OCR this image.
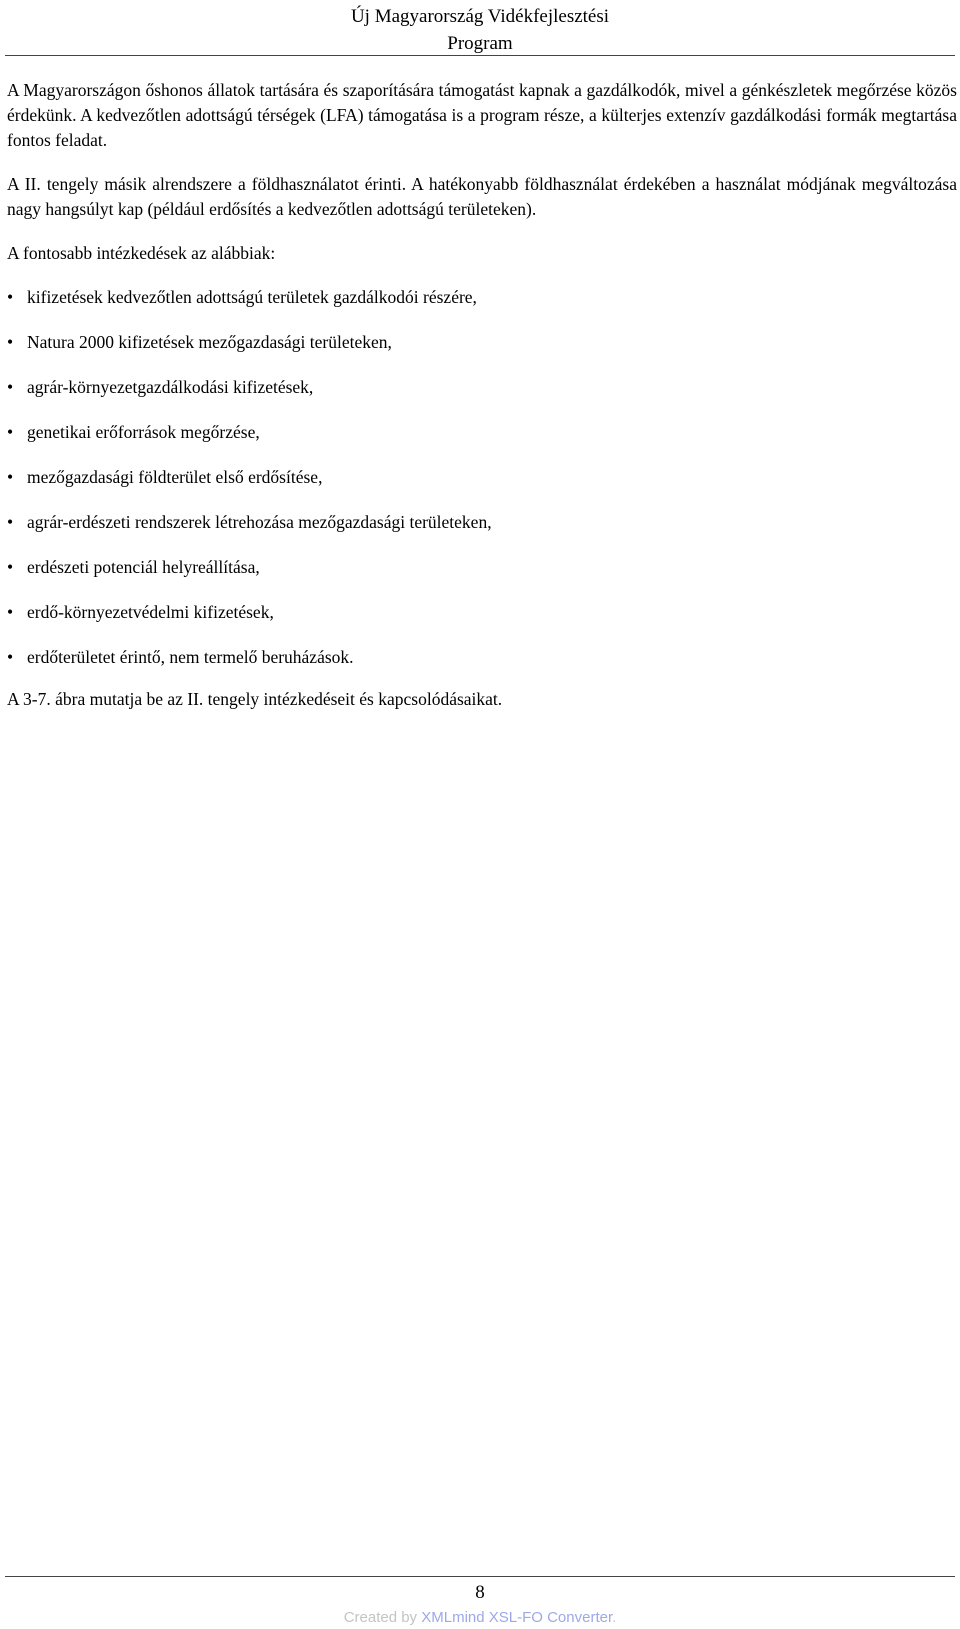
Új Magyarország Vidékfejlesztési
Program

A Magyarországon őshonos állatok tartására és szaporítására támogatást kapnak a gazdálkodók, mivel a génkészletek megőrzése közös érdekünk. A kedvezőtlen adottságú térségek (LFA) támogatása is a program része, a külterjes extenzív gazdálkodási formák megtartása fontos feladat.

A II. tengely másik alrendszere a földhasználatot érinti. A hatékonyabb földhasználat érdekében a használat módjának megváltozása nagy hangsúlyt kap (például erdősítés a kedvezőtlen adottságú területeken).

A fontosabb intézkedések az alábbiak:

• kifizetések kedvezőtlen adottságú területek gazdálkodói részére,
• Natura 2000 kifizetések mezőgazdasági területeken,
• agrár-környezetgazdálkodási kifizetések,
• genetikai erőforrások megőrzése,
• mezőgazdasági földterület első erdősítése,
• agrár-erdészeti rendszerek létrehozása mezőgazdasági területeken,
• erdészeti potenciál helyreállítása,
• erdő-környezetvédelmi kifizetések,
• erdőterületet érintő, nem termelő beruházások.

A 3-7. ábra mutatja be az II. tengely intézkedéseit és kapcsolódásaikat.

8
Created by XMLmind XSL-FO Converter.
